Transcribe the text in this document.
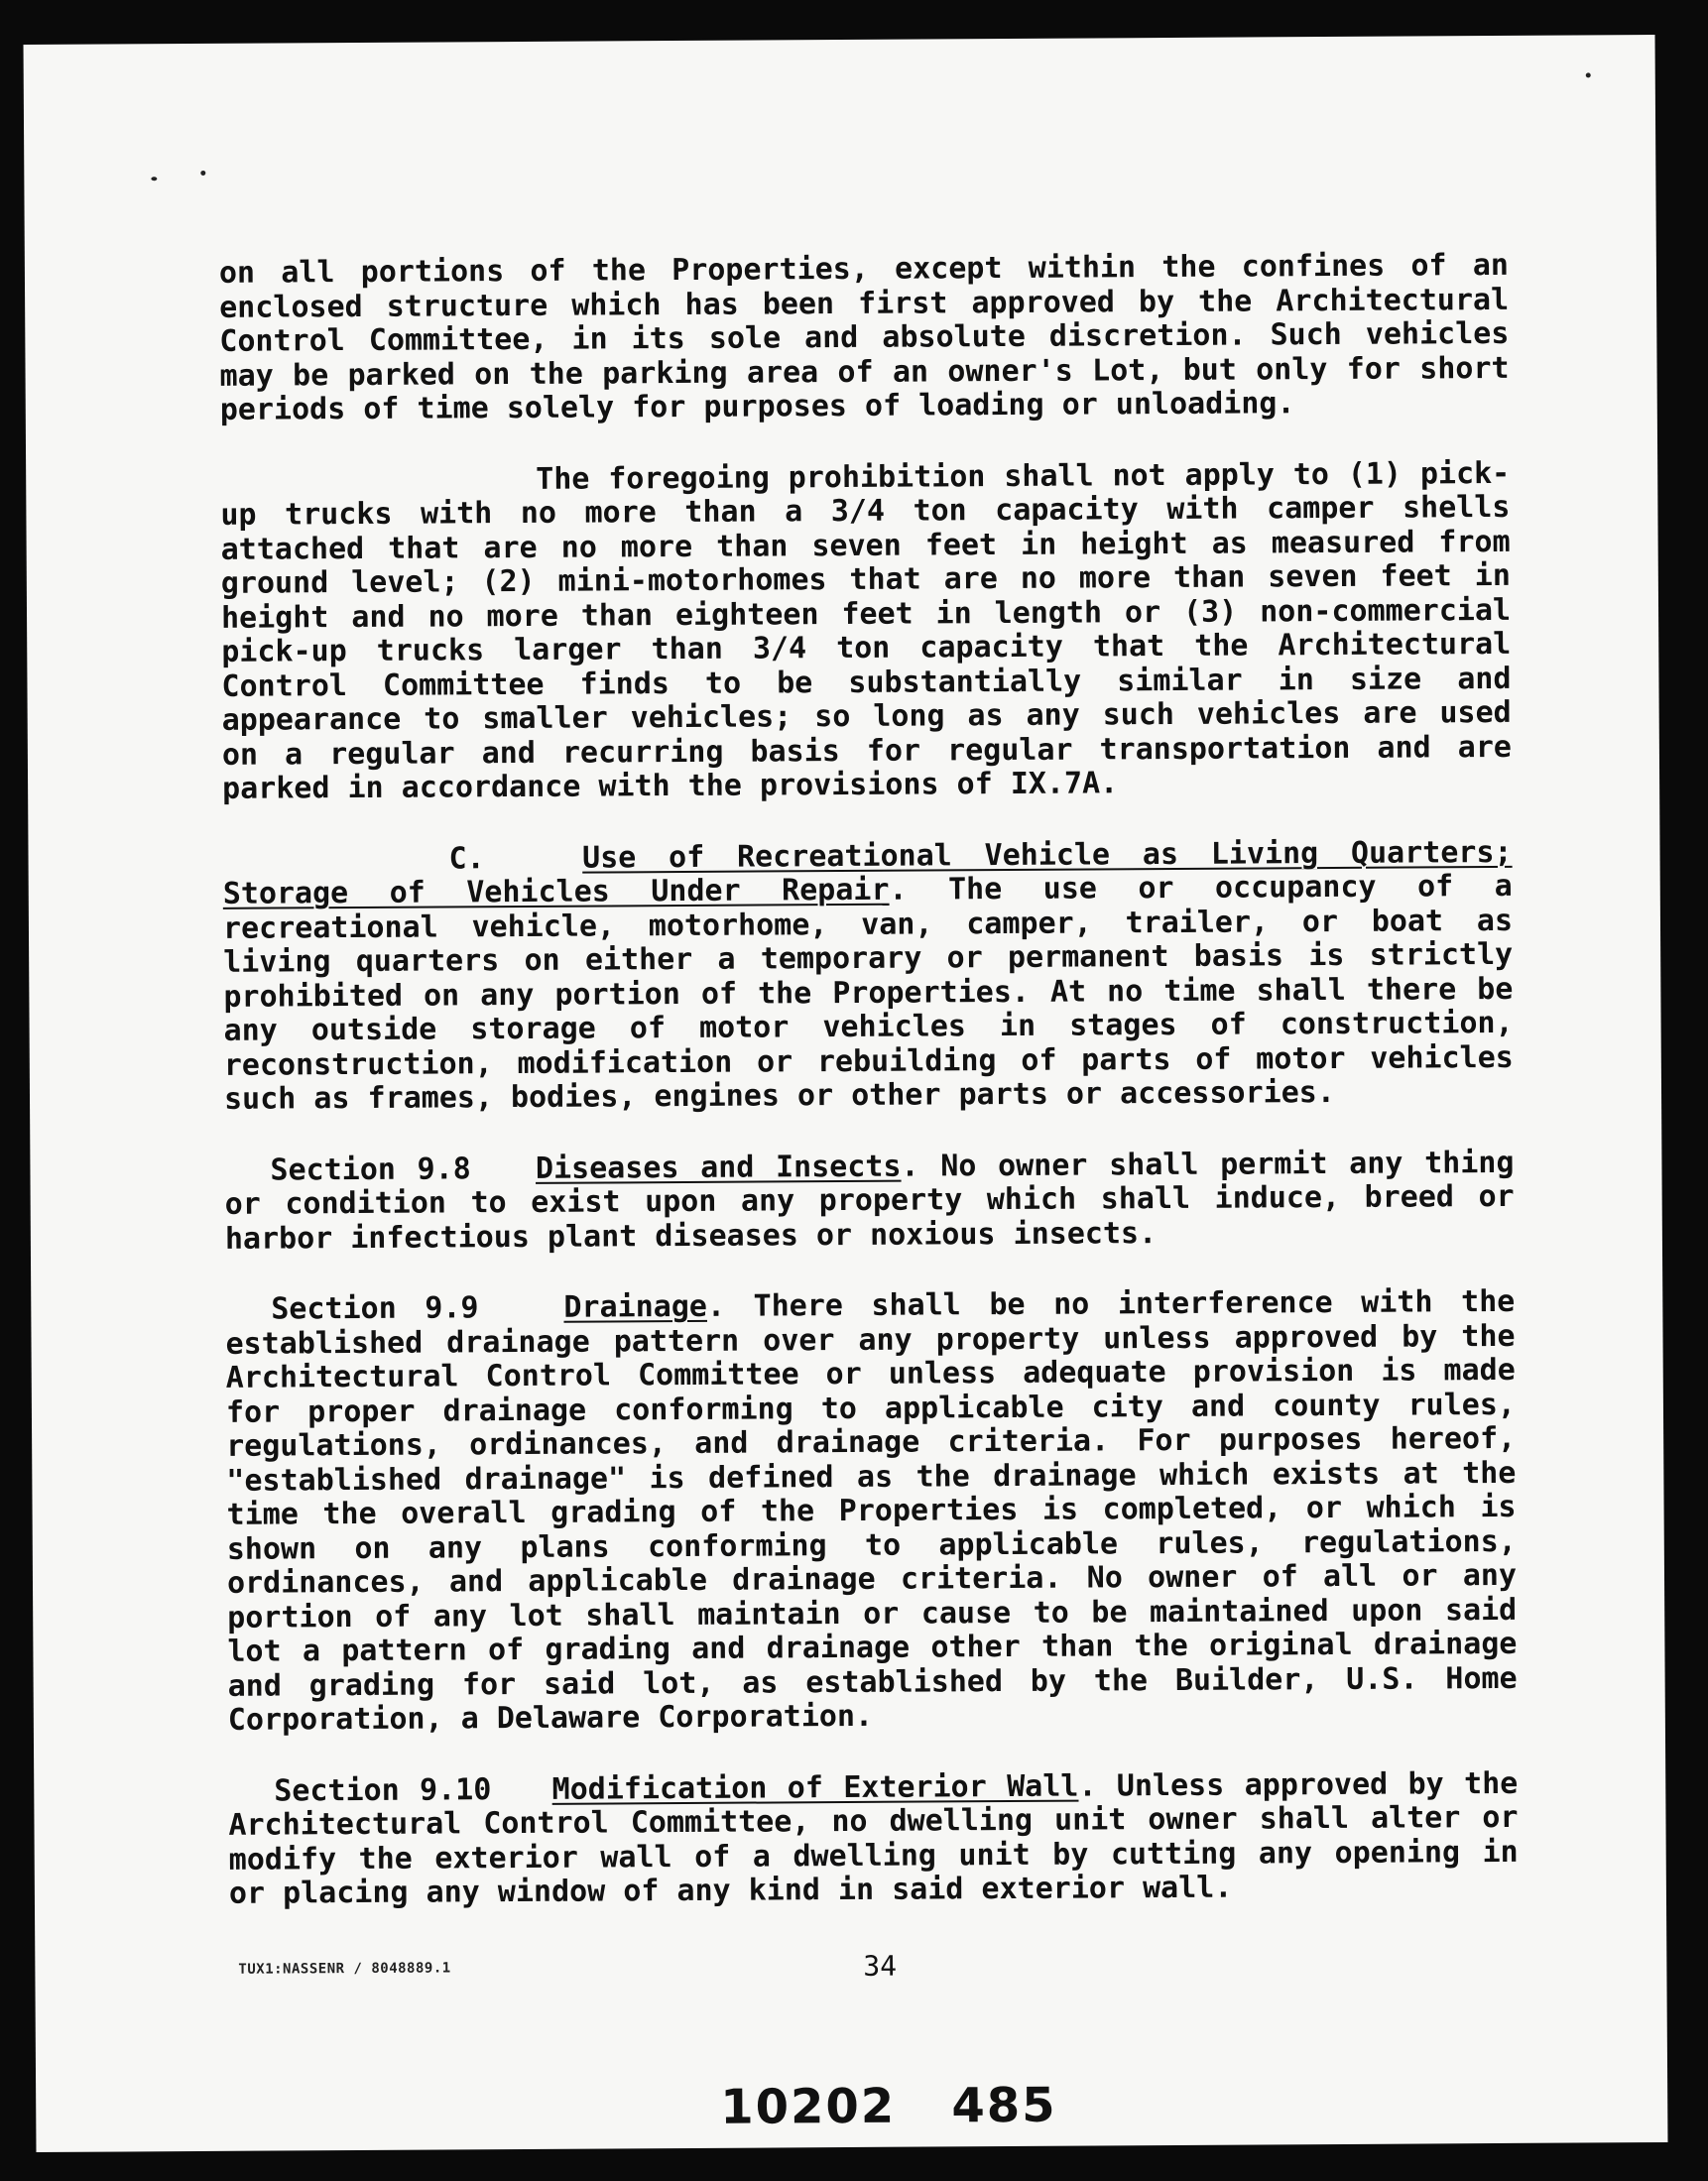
on all portions of the Properties, except within the confines of an enclosed structure which has been first approved by the Architectural Control Committee, in its sole and absolute discretion. Such vehicles may be parked on the parking area of an owner's Lot, but only for short periods of time solely for purposes of loading or unloading.

The foregoing prohibition shall not apply to (1) pick-up trucks with no more than a 3/4 ton capacity with camper shells attached that are no more than seven feet in height as measured from ground level; (2) mini-motorhomes that are no more than seven feet in height and no more than eighteen feet in length or (3) non-commercial pick-up trucks larger than 3/4 ton capacity that the Architectural Control Committee finds to be substantially similar in size and appearance to smaller vehicles; so long as any such vehicles are used on a regular and recurring basis for regular transportation and are parked in accordance with the provisions of IX.7A.

C.	Use of Recreational Vehicle as Living Quarters; Storage of Vehicles Under Repair. The use or occupancy of a recreational vehicle, motorhome, van, camper, trailer, or boat as living quarters on either a temporary or permanent basis is strictly prohibited on any portion of the Properties. At no time shall there be any outside storage of motor vehicles in stages of construction, reconstruction, modification or rebuilding of parts of motor vehicles such as frames, bodies, engines or other parts or accessories.

Section 9.8 Diseases and Insects. No owner shall permit any thing or condition to exist upon any property which shall induce, breed or harbor infectious plant diseases or noxious insects.

Section 9.9	Drainage. There shall be no interference with the established drainage pattern over any property unless approved by the Architectural Control Committee or unless adequate provision is made for proper drainage conforming to applicable city and county rules, regulations, ordinances, and drainage criteria. For purposes hereof, "established drainage" is defined as the drainage which exists at the time the overall grading of the Properties is completed, or which is shown on any plans conforming to applicable rules, regulations, ordinances, and applicable drainage criteria. No owner of all or any portion of any lot shall maintain or cause to be maintained upon said lot a pattern of grading and drainage other than the original drainage and grading for said lot, as established by the Builder, U.S. Home Corporation, a Delaware Corporation.

Section 9.10 Modification of Exterior Wall. Unless approved by the Architectural Control Committee, no dwelling unit owner shall alter or modify the exterior wall of a dwelling unit by cutting any opening in or placing any window of any kind in said exterior wall.

TUX1:NASSENR / 8048889.1	34
10202   485
